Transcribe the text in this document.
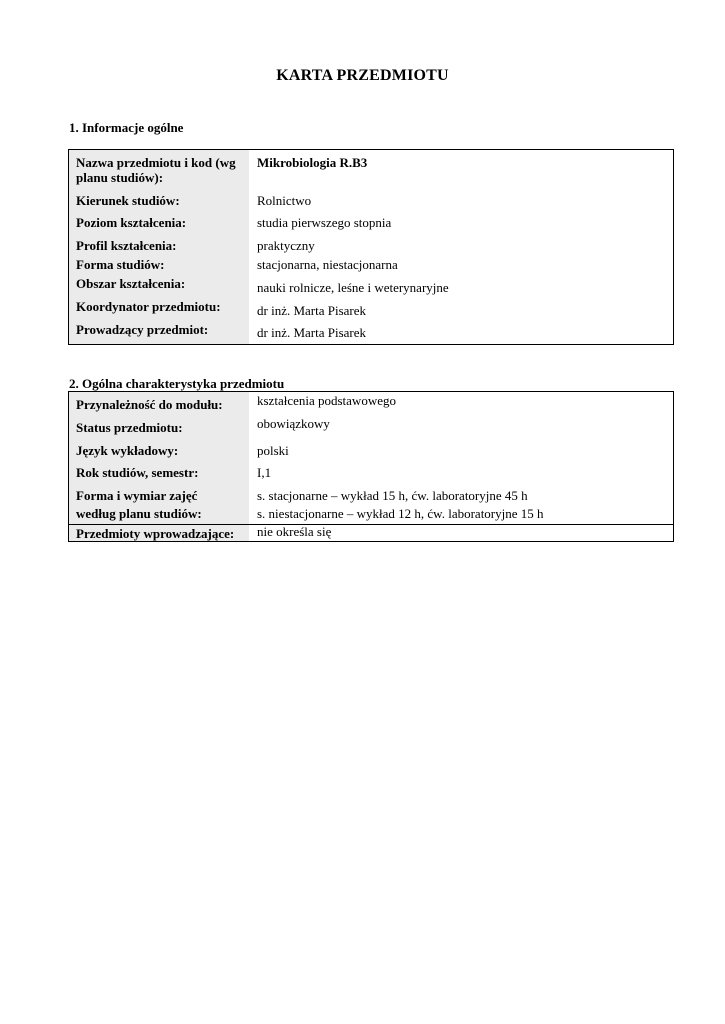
KARTA PRZEDMIOTU
1. Informacje ogólne
Nazwa przedmiotu i kod (wg
planu studiów):
Kierunek studiów:
Poziom kształcenia:
Profil kształcenia:
Forma studiów:
Obszar kształcenia:
Koordynator przedmiotu:
Prowadzący przedmiot:
Mikrobiologia R.B3
Rolnictwo
studia pierwszego stopnia
praktyczny
stacjonarna, niestacjonarna
nauki rolnicze, leśne i weterynaryjne
dr inż. Marta Pisarek
dr inż. Marta Pisarek
2. Ogólna charakterystyka przedmiotu
Przynależność do modułu:
Status przedmiotu:
Język wykładowy:
Rok studiów, semestr:
Forma i wymiar zajęć
według planu studiów:
kształcenia podstawowego
obowiązkowy
polski
I,1
s. stacjonarne – wykład 15 h, ćw. laboratoryjne 45 h
s. niestacjonarne – wykład 12 h, ćw. laboratoryjne 15 h
Przedmioty wprowadzające: nie określa się
